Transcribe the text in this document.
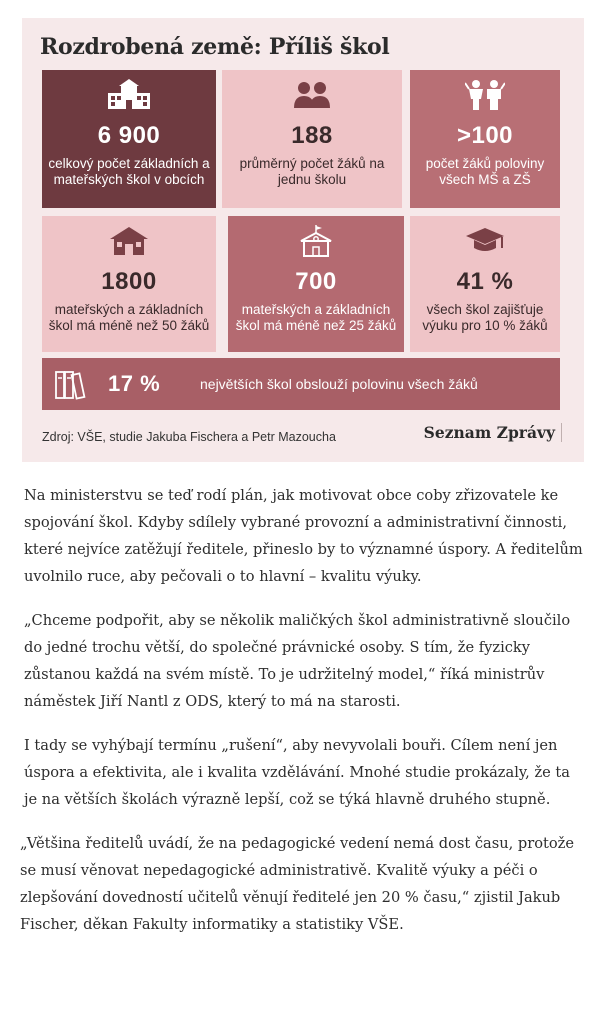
Rozdrobená země: Příliš škol
6 900
celkový počet základních a mateřských škol v obcích
188
průměrný počet žáků na jednu školu
>100
počet žáků poloviny všech MŠ a ZŠ
1800
mateřských a základních škol má méně než 50 žáků
700
mateřských a základních škol má méně než 25 žáků
41 %
všech škol zajišťuje výuku pro 10 % žáků
17 %	největších škol obslouží polovinu všech žáků
Zdroj: VŠE, studie Jakuba Fischera a Petr Mazoucha	Seznam Zprávy

Na ministerstvu se teď rodí plán, jak motivovat obce coby zřizovatele ke spojování škol. Kdyby sdílely vybrané provozní a administrativní činnosti, které nejvíce zatěžují ředitele, přineslo by to významné úspory. A ředitelům uvolnilo ruce, aby pečovali o to hlavní – kvalitu výuky.

„Chceme podpořit, aby se několik maličkých škol administrativně sloučilo do jedné trochu větší, do společné právnické osoby. S tím, že fyzicky zůstanou každá na svém místě. To je udržitelný model,“ říká ministrův náměstek Jiří Nantl z ODS, který to má na starosti.

I tady se vyhýbají termínu „rušení“, aby nevyvolali bouři. Cílem není jen úspora a efektivita, ale i kvalita vzdělávání. Mnohé studie prokázaly, že ta je na větších školách výrazně lepší, což se týká hlavně druhého stupně.

„Většina ředitelů uvádí, že na pedagogické vedení nemá dost času, protože se musí věnovat nepedagogické administrativě. Kvalitě výuky a péči o zlepšování dovedností učitelů věnují ředitelé jen 20 % času,“ zjistil Jakub Fischer, děkan Fakulty informatiky a statistiky VŠE.
